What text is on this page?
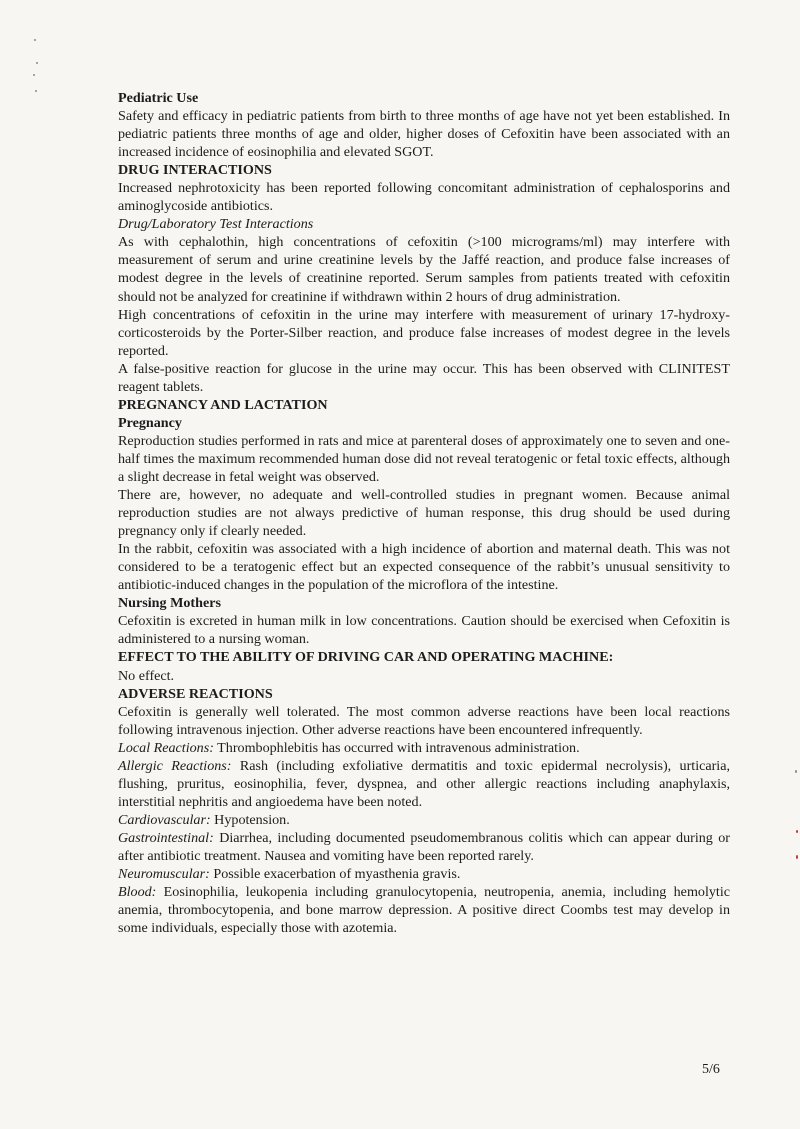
Pediatric Use

Safety and efficacy in pediatric patients from birth to three months of age have not yet been established. In pediatric patients three months of age and older, higher doses of Cefoxitin have been associated with an increased incidence of eosinophilia and elevated SGOT.

DRUG INTERACTIONS

Increased nephrotoxicity has been reported following concomitant administration of cephalosporins and aminoglycoside antibiotics.

Drug/Laboratory Test Interactions

As with cephalothin, high concentrations of cefoxitin (>100 micrograms/ml) may interfere with measurement of serum and urine creatinine levels by the Jaffé reaction, and produce false increases of modest degree in the levels of creatinine reported. Serum samples from patients treated with cefoxitin should not be analyzed for creatinine if withdrawn within 2 hours of drug administration.

High concentrations of cefoxitin in the urine may interfere with measurement of urinary 17-hydroxy-corticosteroids by the Porter-Silber reaction, and produce false increases of modest degree in the levels reported.

A false-positive reaction for glucose in the urine may occur. This has been observed with CLINITEST reagent tablets.

PREGNANCY AND LACTATION
Pregnancy

Reproduction studies performed in rats and mice at parenteral doses of approximately one to seven and one-half times the maximum recommended human dose did not reveal teratogenic or fetal toxic effects, although a slight decrease in fetal weight was observed.

There are, however, no adequate and well-controlled studies in pregnant women. Because animal reproduction studies are not always predictive of human response, this drug should be used during pregnancy only if clearly needed.

In the rabbit, cefoxitin was associated with a high incidence of abortion and maternal death. This was not considered to be a teratogenic effect but an expected consequence of the rabbit’s unusual sensitivity to antibiotic-induced changes in the population of the microflora of the intestine.

Nursing Mothers

Cefoxitin is excreted in human milk in low concentrations. Caution should be exercised when Cefoxitin is administered to a nursing woman.

EFFECT TO THE ABILITY OF DRIVING CAR AND OPERATING MACHINE:

No effect.

ADVERSE REACTIONS

Cefoxitin is generally well tolerated. The most common adverse reactions have been local reactions following intravenous injection. Other adverse reactions have been encountered infrequently.

Local Reactions: Thrombophlebitis has occurred with intravenous administration.

Allergic Reactions: Rash (including exfoliative dermatitis and toxic epidermal necrolysis), urticaria, flushing, pruritus, eosinophilia, fever, dyspnea, and other allergic reactions including anaphylaxis, interstitial nephritis and angioedema have been noted.

Cardiovascular: Hypotension.

Gastrointestinal: Diarrhea, including documented pseudomembranous colitis which can appear during or after antibiotic treatment. Nausea and vomiting have been reported rarely.

Neuromuscular: Possible exacerbation of myasthenia gravis.

Blood: Eosinophilia, leukopenia including granulocytopenia, neutropenia, anemia, including hemolytic anemia, thrombocytopenia, and bone marrow depression. A positive direct Coombs test may develop in some individuals, especially those with azotemia.

5/6
